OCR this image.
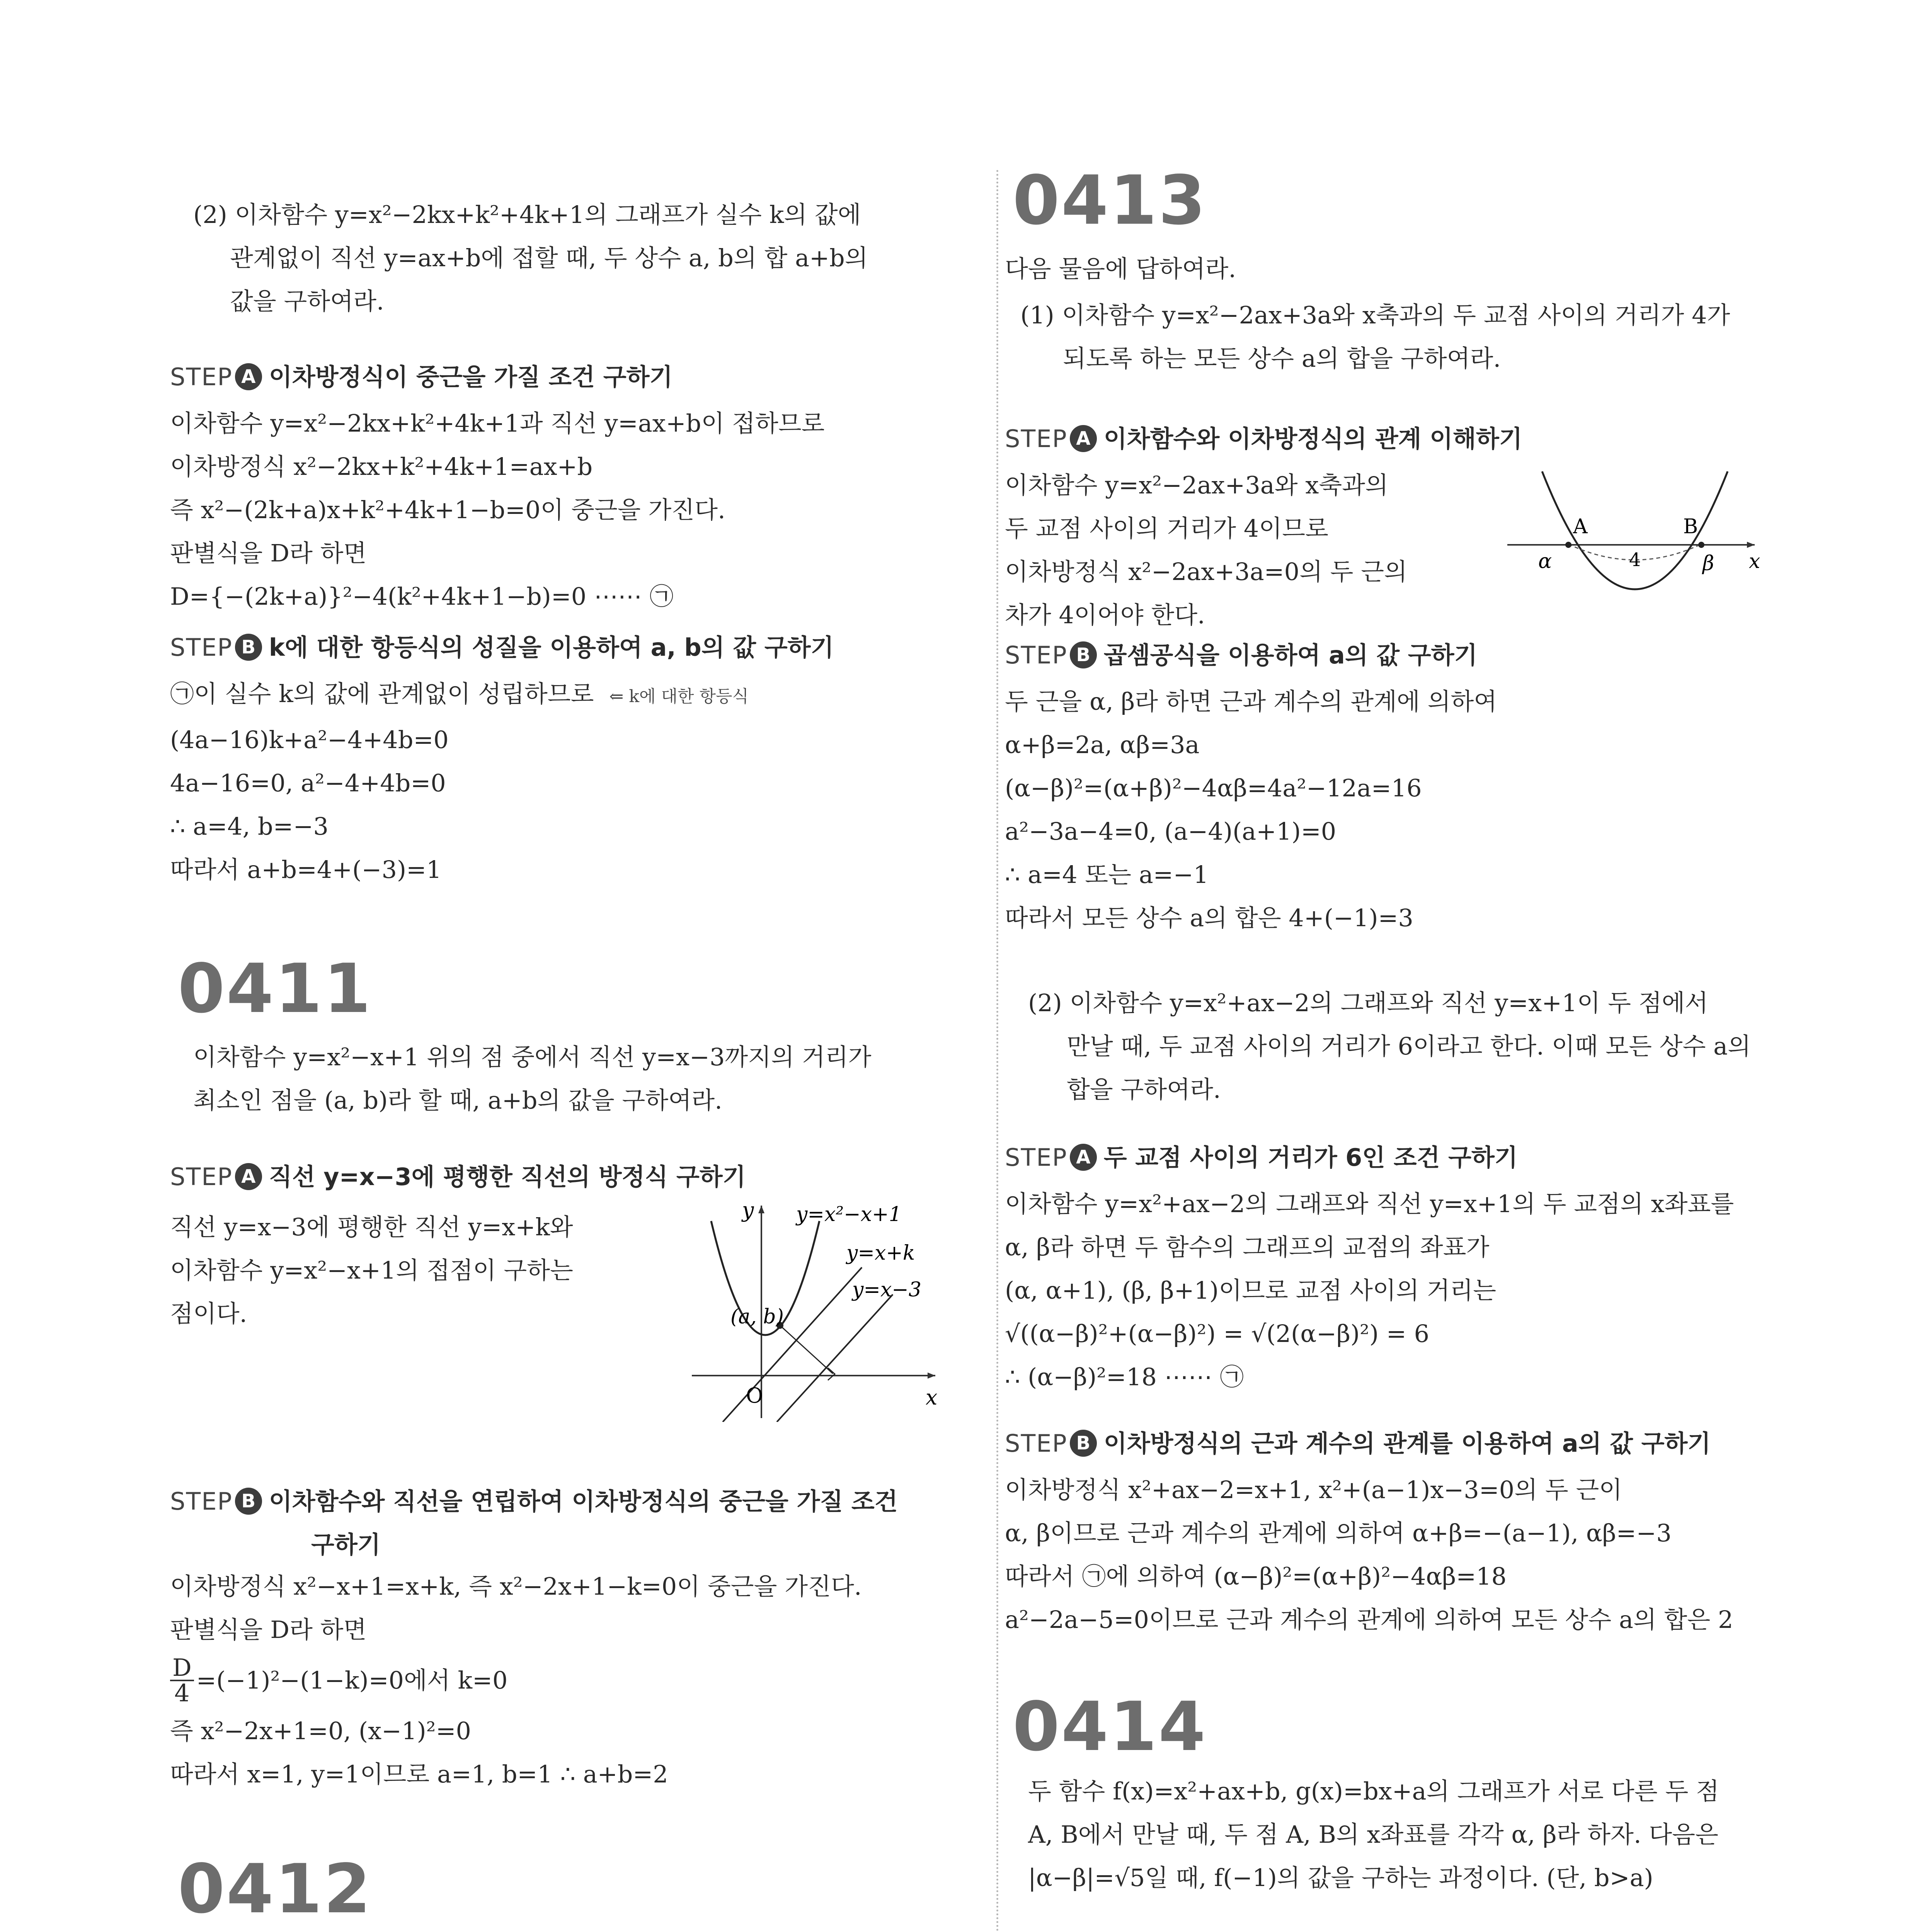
(2) 이차함수 y=x²−2kx+k²+4k+1의 그래프가 실수 k의 값에
관계없이 직선 y=ax+b에 접할 때, 두 상수 a, b의 합 a+b의
값을 구하여라.
STEP A 이차방정식이 중근을 가질 조건 구하기
이차함수 y=x²−2kx+k²+4k+1과 직선 y=ax+b이 접하므로
이차방정식 x²−2kx+k²+4k+1=ax+b
즉 x²−(2k+a)x+k²+4k+1−b=0이 중근을 가진다.
판별식을 D라 하면
D={−(2k+a)}²−4(k²+4k+1−b)=0 ⋯⋯ ㉠
STEP B k에 대한 항등식의 성질을 이용하여 a, b의 값 구하기
㉠이 실수 k의 값에 관계없이 성립하므로 ⇐ k에 대한 항등식
(4a−16)k+a²−4+4b=0
4a−16=0, a²−4+4b=0
∴ a=4, b=−3
따라서 a+b=4+(−3)=1
0411
이차함수 y=x²−x+1 위의 점 중에서 직선 y=x−3까지의 거리가
최소인 점을 (a, b)라 할 때, a+b의 값을 구하여라.
STEP A 직선 y=x−3에 평행한 직선의 방정식 구하기
직선 y=x−3에 평행한 직선 y=x+k와
이차함수 y=x²−x+1의 접점이 구하는
점이다.
y
x
O
y=x²−x+1
y=x+k
y=x−3
(a, b)
STEP B 이차함수와 직선을 연립하여 이차방정식의 중근을 가질 조건
구하기
이차방정식 x²−x+1=x+k, 즉 x²−2x+1−k=0이 중근을 가진다.
판별식을 D라 하면
$\frac{D}{4} =(-1)^2-(1-k)=0$에서 k=0
즉 x²−2x+1=0, (x−1)²=0
따라서 x=1, y=1이므로 a=1, b=1 ∴ a+b=2
0412
0413
다음 물음에 답하여라.
(1) 이차함수 y=x²−2ax+3a와 x축과의 두 교점 사이의 거리가 4가
되도록 하는 모든 상수 a의 합을 구하여라.
STEP A 이차함수와 이차방정식의 관계 이해하기
이차함수 y=x²−2ax+3a와 x축과의
두 교점 사이의 거리가 4이므로
이차방정식 x²−2ax+3a=0의 두 근의
차가 4이어야 한다.
A	B
α	β
4	x
STEP B 곱셈공식을 이용하여 a의 값 구하기
두 근을 α, β라 하면 근과 계수의 관계에 의하여
α+β=2a, αβ=3a
(α−β)²=(α+β)²−4αβ=4a²−12a=16
a²−3a−4=0, (a−4)(a+1)=0
∴ a=4 또는 a=−1
따라서 모든 상수 a의 합은 4+(−1)=3
(2) 이차함수 y=x²+ax−2의 그래프와 직선 y=x+1이 두 점에서
만날 때, 두 교점 사이의 거리가 6이라고 한다. 이때 모든 상수 a의
합을 구하여라.
STEP A 두 교점 사이의 거리가 6인 조건 구하기
이차함수 y=x²+ax−2의 그래프와 직선 y=x+1의 두 교점의 x좌표를
α, β라 하면 두 함수의 그래프의 교점의 좌표가
(α, α+1), (β, β+1)이므로 교점 사이의 거리는
√((α−β)²+(α−β)²) = √(2(α−β)²) = 6
∴ (α−β)²=18 ⋯⋯ ㉠
STEP B 이차방정식의 근과 계수의 관계를 이용하여 a의 값 구하기
이차방정식 x²+ax−2=x+1, x²+(a−1)x−3=0의 두 근이
α, β이므로 근과 계수의 관계에 의하여 α+β=−(a−1), αβ=−3
따라서 ㉠에 의하여 (α−β)²=(α+β)²−4αβ=18
a²−2a−5=0이므로 근과 계수의 관계에 의하여 모든 상수 a의 합은 2
0414
두 함수 f(x)=x²+ax+b, g(x)=bx+a의 그래프가 서로 다른 두 점
A, B에서 만날 때, 두 점 A, B의 x좌표를 각각 α, β라 하자. 다음은
|α−β|=√5일 때, f(−1)의 값을 구하는 과정이다. (단, b>a)
